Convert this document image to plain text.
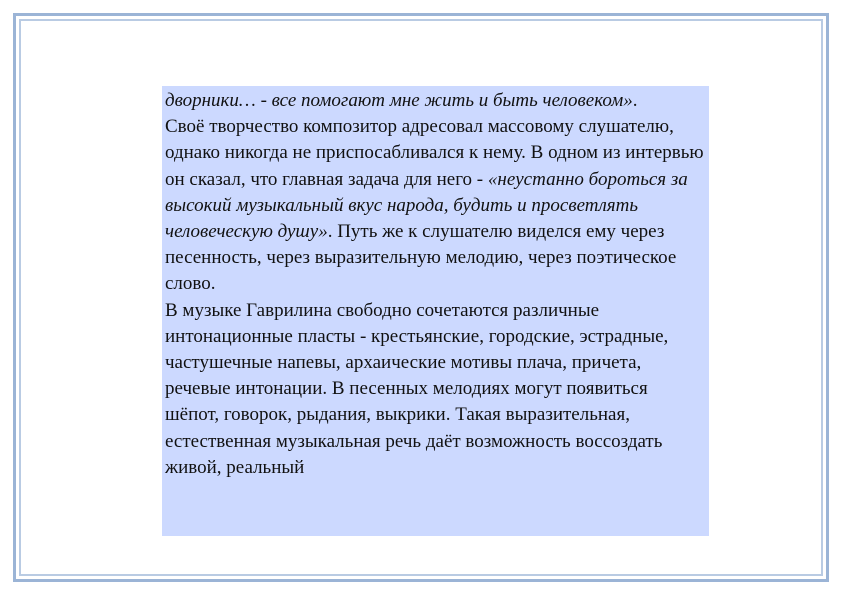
дворники… - все помогают мне жить и быть человеком».

Своё творчество композитор адресовал массовому слушателю, однако никогда не приспосабливался к нему. В одном из интервью он сказал, что главная задача для него - «неустанно бороться за высокий музыкальный вкус народа, будить и просветлять человеческую душу». Путь же к слушателю виделся ему через песенность, через выразительную мелодию, через поэтическое слово.

В музыке Гаврилина свободно сочетаются различные интонационные пласты - крестьянские, городские, эстрадные, частушечные напевы, архаические мотивы плача, причета, речевые интонации. В песенных мелодиях могут появиться шёпот, говорок, рыдания, выкрики. Такая выразительная, естественная музыкальная речь даёт возможность воссоздать живой, реальный
